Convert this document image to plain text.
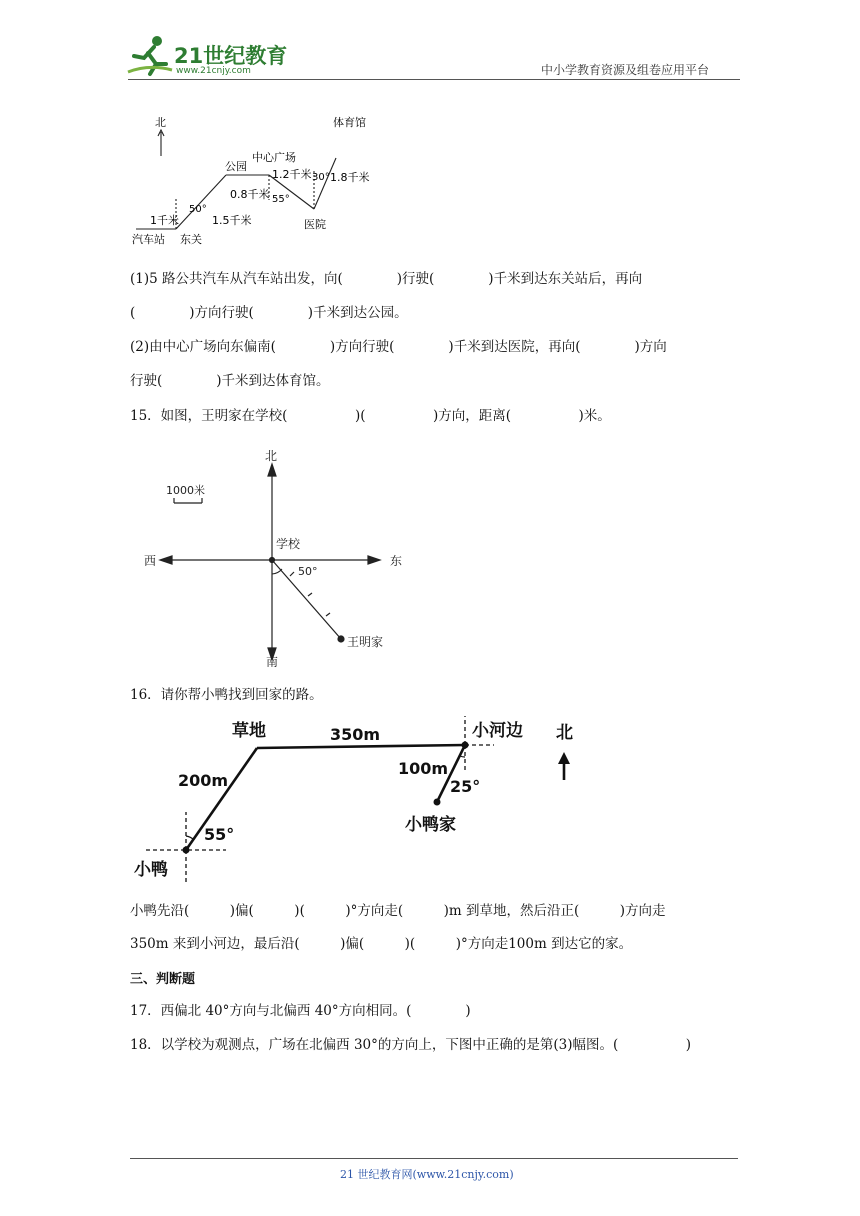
21世纪教育
www.21cnjy.com	中小学教育资源及组卷应用平台
北	体育馆
中心广场
公园
医院
汽车站 东关
1千米	1.5千米
0.8千米
1.2千米 1.8千米
50°
55°
30°
(1)5 路公共汽车从汽车站出发，向(　　　　)行驶(　　　　)千米到达东关站后，再向
(　　　　)方向行驶(　　　　)千米到达公园。
(2)由中心广场向东偏南(　　　　)方向行驶(　　　　)千米到达医院，再向(　　　　)方向
行驶(　　　　)千米到达体育馆。
15．如图，王明家在学校(　　　　　)(　　　　　)方向，距离(　　　　　)米。
北
南
东
西
学校
王明家
1000米
50°
16．请你帮小鸭找到回家的路。
草地	小河边
小鸭家
小鸭
北
200m
350m
100m
55°
25°
小鸭先沿(　　　)偏(　　　)(　　　)°方向走(　　　)m 到草地，然后沿正(　　　)方向走
350m 来到小河边，最后沿(　　　)偏(　　　)(　　　)°方向走100m 到达它的家。
三、判断题
17．西偏北 40°方向与北偏西 40°方向相同。(　　　　)
18．以学校为观测点，广场在北偏西 30°的方向上，下图中正确的是第(3)幅图。(　　　　　)
21 世纪教育网(www.21cnjy.com)
